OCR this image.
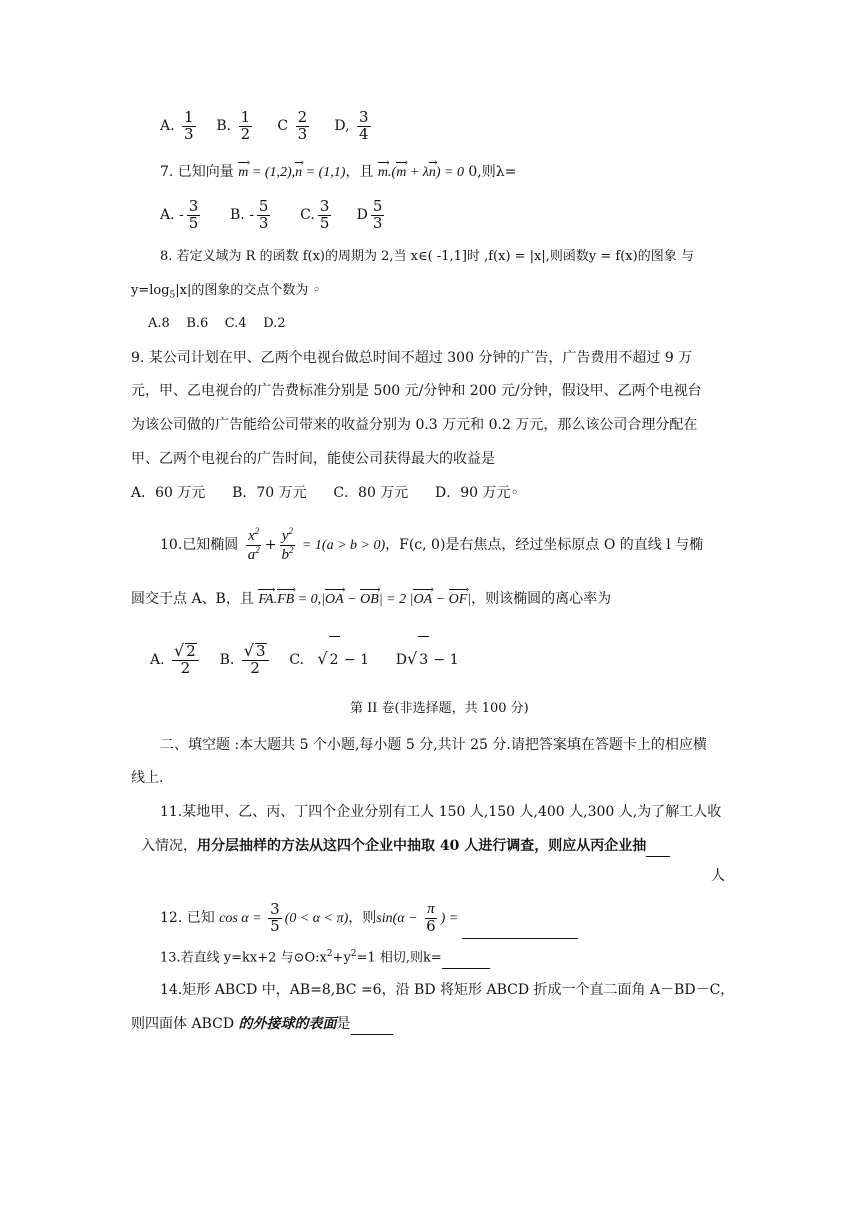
A. $\frac{1}{3} B$. $\frac{1}{2}$ C $\frac{2}{3} D$, $\frac{3}{4}$
7. 已知向量 m › = (1,2),n › = (1,1)，且 m ›.(m › + λn ›) = 0 0,则λ=
A. - $\frac{3}{5} B$. - $\frac{5}{3} C$. $\frac{3}{5}$ D $\frac{5}{3}$
8. 若定义域为 R 的函数 f(x)的周期为 2,当 x∈( -1,1]时 ,f(x) = |x|,则函数y = f(x)的图象 与
$y=\log_5|x|$的图象的交点个数为 ◦
A.8    B.6    C.4    D.2
9. 某公司计划在甲、乙两个电视台做总时间不超过 300 分钟的广告，广告费用不超过 9 万
元，甲、乙电视台的广告费标准分别是 500 元/分钟和 200 元/分钟，假设甲、乙两个电视台
为该公司做的广告能给公司带来的收益分别为 0.3 万元和 0.2 万元，那么该公司合理分配在
甲、乙两个电视台的广告时间，能使公司获得最大的收益是
A．60 万元      B．70 万元      C．80 万元      D．90 万元◦
10.已知椭圆 $\frac{x^2}{a^2} + \frac{y^2}{b^2} = 1(a > b > 0)$，F(c, 0)是右焦点，经过坐标原点 O 的直线 l 与椭
圆交于点 A、B，且 FA ›.FB › = 0,|OA › − OB ›| = 2 |OA › − OF ›|，则该椭圆的离心率为
A. $\frac{√ 2}{2} B$. $\frac{√ 3}{2} C$. √ 2 − 1 D√ 3 − 1
第 II 卷(非选择题，共 100 分)
二、填空题 :本大题共 5 个小题,每小题 5 分,共计 25 分.请把答案填在答题卡上的相应横
线上.
11.某地甲、乙、丙、丁四个企业分别有工人 150 人,150 人,400 人,300 人,为了解工人收
入情况，用分层抽样的方法从这四个企业中抽取 40 人进行调查，则应从丙企业抽
人
12. 已知 $\cos \alpha = \frac{3}{5} (0 < \alpha < \pi)$，则$\sin(\alpha - \frac{\pi}{6}$ ) =
13.若直线 y=kx+2 与$⊙O:x^2+y^2=1$ 相切,则k=
14.矩形 ABCD 中，AB=8,BC =6，沿 BD 将矩形 ABCD 折成一个直二面角 A－BD－C，
则四面体 ABCD 的外接球的表面是
